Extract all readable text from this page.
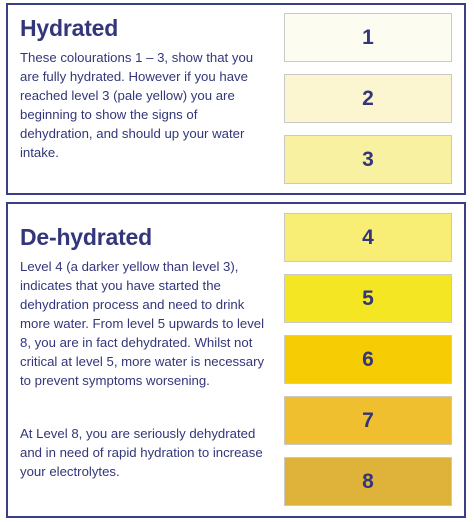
Hydrated

These colourations 1 – 3, show that you are fully hydrated. However if you have reached level 3 (pale yellow) you are beginning to show the signs of dehydration, and should up your water intake.

De-hydrated

Level 4 (a darker yellow than level 3), indicates that you have started the dehydration process and need to drink more water. From level 5 upwards to level 8, you are in fact dehydrated. Whilst not critical at level 5, more water is necessary to prevent symptoms worsening.

At Level 8, you are seriously dehydrated and in need of rapid hydration to increase your electrolytes.

1
2
3
4
5
6
7
8
